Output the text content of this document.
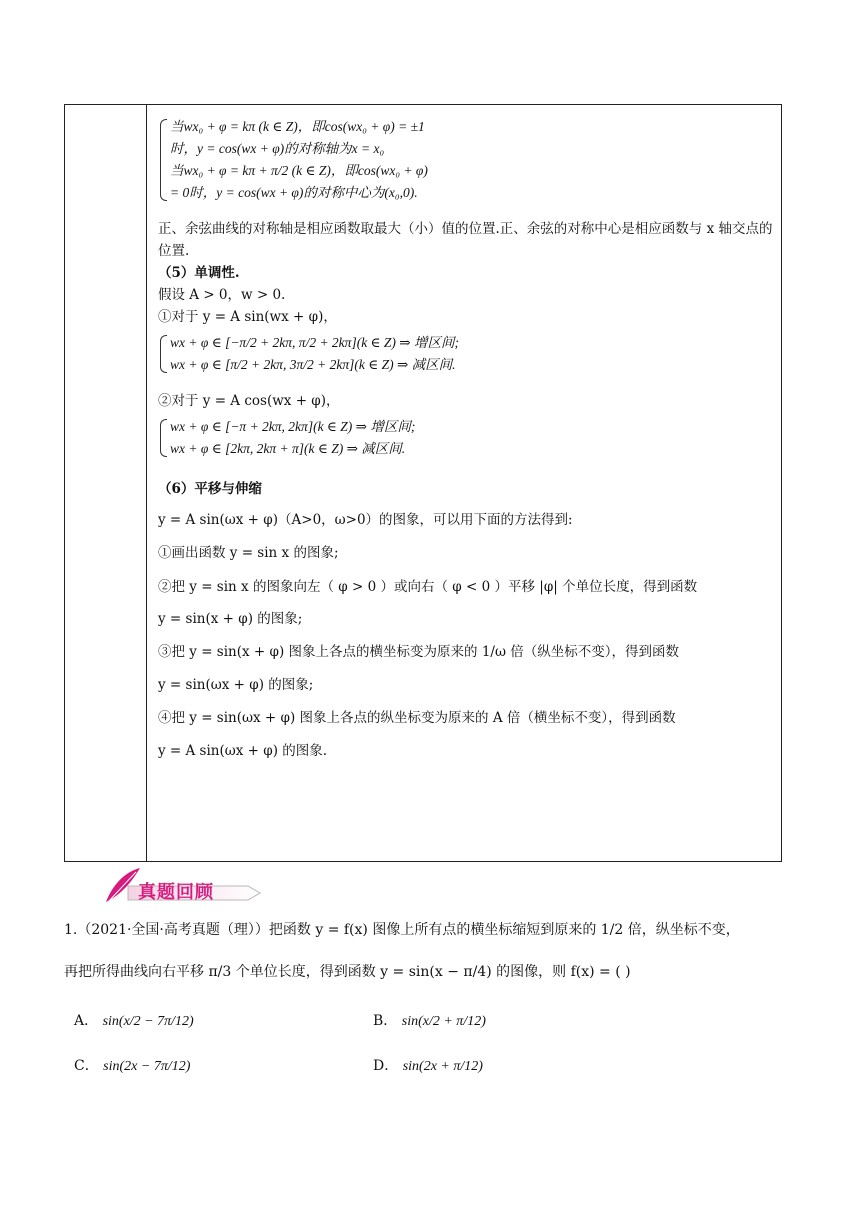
当wx₀ + φ = kπ (k ∈ Z)，即cos(wx₀ + φ) = ±1
时，y = cos(wx + φ)的对称轴为x = x₀
当wx₀ + φ = kπ + π/2 (k ∈ Z)，即cos(wx₀ + φ)
= 0时，y = cos(wx + φ)的对称中心为(x₀,0).

正、余弦曲线的对称轴是相应函数取最大（小）值的位置.正、余弦的对称中心是相应函数与 x 轴交点的位置.

（5）单调性.

假设 A > 0，w > 0.

①对于 y = A sin(wx + φ)，

wx + φ ∈ [−π/2 + 2kπ, π/2 + 2kπ](k ∈ Z) ⇒ 增区间;
wx + φ ∈ [π/2 + 2kπ, 3π/2 + 2kπ](k ∈ Z) ⇒ 减区间.

②对于 y = A cos(wx + φ)，

wx + φ ∈ [−π + 2kπ, 2kπ](k ∈ Z) ⇒ 增区间;
wx + φ ∈ [2kπ, 2kπ + π](k ∈ Z) ⇒ 减区间.

（6）平移与伸缩

y = A sin(ωx + φ)（A>0，ω>0）的图象，可以用下面的方法得到:

①画出函数 y = sin x 的图象;

②把 y = sin x 的图象向左（ φ > 0 ）或向右（ φ < 0 ）平移 |φ| 个单位长度，得到函数

y = sin(x + φ) 的图象;

③把 y = sin(x + φ) 图象上各点的横坐标变为原来的 1/ω 倍（纵坐标不变），得到函数

y = sin(ωx + φ) 的图象;

④把 y = sin(ωx + φ) 图象上各点的纵坐标变为原来的 A 倍（横坐标不变），得到函数

y = A sin(ωx + φ) 的图象.

真题回顾
1.（2021·全国·高考真题（理））把函数 y = f(x) 图像上所有点的横坐标缩短到原来的 1/2 倍，纵坐标不变，
再把所得曲线向右平移 π/3 个单位长度，得到函数 y = sin(x − π/4) 的图像，则 f(x) = ( )
A． sin(x/2 − 7π/12)	B． sin(x/2 + π/12)
C． sin(2x − 7π/12)	D． sin(2x + π/12)
